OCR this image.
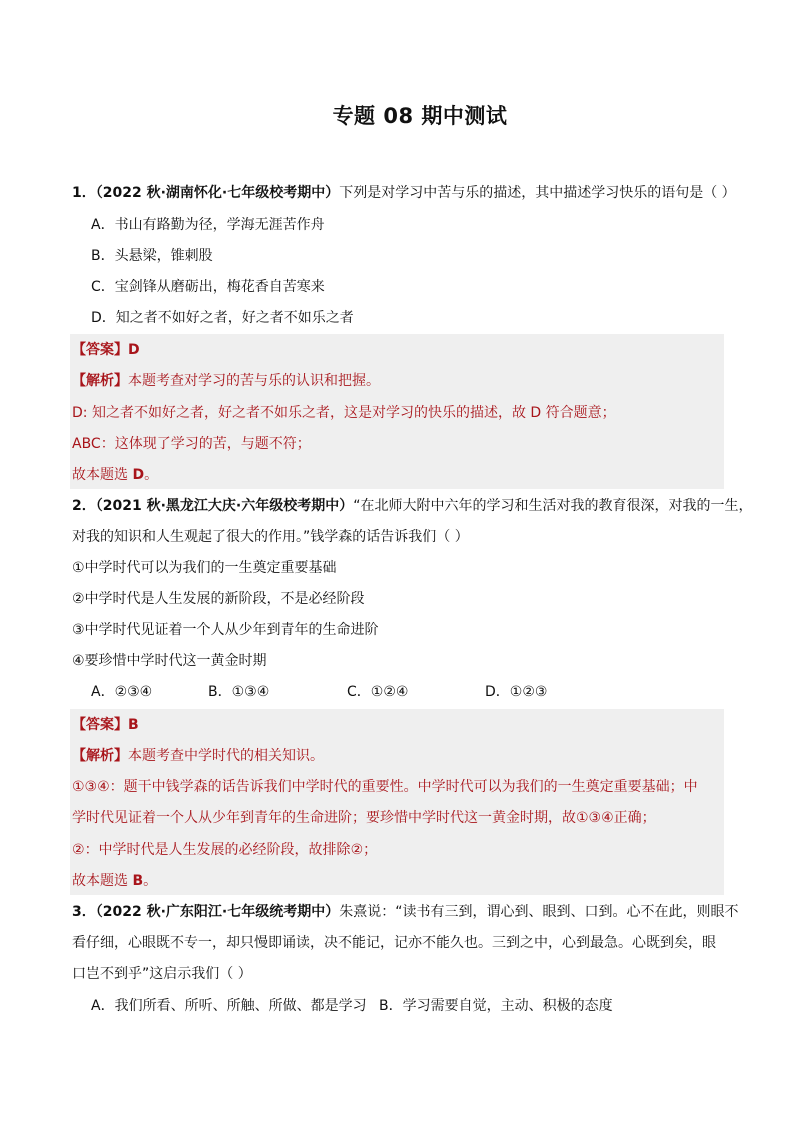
专题 08 期中测试
1．（2022 秋·湖南怀化·七年级校考期中）下列是对学习中苦与乐的描述，其中描述学习快乐的语句是（ ）
A．书山有路勤为径，学海无涯苦作舟
B．头悬梁，锥刺股
C．宝剑锋从磨砺出，梅花香自苦寒来
D．知之者不如好之者，好之者不如乐之者
【答案】D
【解析】本题考查对学习的苦与乐的认识和把握。
D: 知之者不如好之者，好之者不如乐之者，这是对学习的快乐的描述，故 D 符合题意；
ABC：这体现了学习的苦，与题不符；
故本题选 D。
2．（2021 秋·黑龙江大庆·六年级校考期中）“在北师大附中六年的学习和生活对我的教育很深，对我的一生，
对我的知识和人生观起了很大的作用。”钱学森的话告诉我们（ ）
①中学时代可以为我们的一生奠定重要基础
②中学时代是人生发展的新阶段，不是必经阶段
③中学时代见证着一个人从少年到青年的生命进阶
④要珍惜中学时代这一黄金时期
A．②③④	B．①③④	C．①②④	D．①②③
【答案】B
【解析】本题考查中学时代的相关知识。
①③④：题干中钱学森的话告诉我们中学时代的重要性。中学时代可以为我们的一生奠定重要基础；中
学时代见证着一个人从少年到青年的生命进阶；要珍惜中学时代这一黄金时期，故①③④正确；
②：中学时代是人生发展的必经阶段，故排除②；
故本题选 B。
3．（2022 秋·广东阳江·七年级统考期中）朱熹说：“读书有三到，谓心到、眼到、口到。心不在此，则眼不
看仔细，心眼既不专一，却只慢即诵读，决不能记，记亦不能久也。三到之中，心到最急。心既到矣，眼
口岂不到乎”这启示我们（ ）
A．我们所看、所听、所触、所做、都是学习 B．学习需要自觉，主动、积极的态度
